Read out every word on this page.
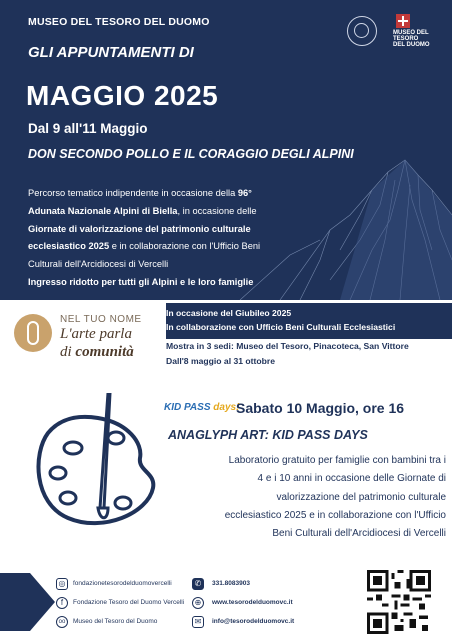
MUSEO DEL TESORO DEL DUOMO
MUSEO DEL
TESORO
DEL DUOMO
GLI APPUNTAMENTI DI
MAGGIO 2025
Dal 9 all'11 Maggio
DON SECONDO POLLO E IL CORAGGIO DEGLI ALPINI
Percorso tematico indipendente in occasione della 96°
Adunata Nazionale Alpini di Biella, in occasione delle
Giornate di valorizzazione del patrimonio culturale
ecclesiastico 2025 e in collaborazione con l'Ufficio Beni
Culturali dell'Arcidiocesi di Vercelli
Ingresso ridotto per tutti gli Alpini e le loro famiglie
NEL TUO NOME
L'arte parla
di comunità
In occasione del Giubileo 2025
In collaborazione con Ufficio Beni Culturali Ecclesiastici
Mostra in 3 sedi: Museo del Tesoro, Pinacoteca, San Vittore
Dall'8 maggio al 31 ottobre
KID PASS days!
Sabato 10 Maggio, ore 16
ANAGLYPH ART: KID PASS DAYS
Laboratorio gratuito per famiglie con bambini tra i
4 e i 10 anni in occasione delle Giornate di
valorizzazione del patrimonio culturale
ecclesiastico 2025 e in collaborazione con l'Ufficio
Beni Culturali dell'Arcidiocesi di Vercelli
◎	fondazionetesorodelduomovercelli
f	Fondazione Tesoro del Duomo Vercelli
oo	Museo del Tesoro del Duomo
✆	331.8083903
⊕	www.tesorodelduomovc.it
✉	info@tesorodelduomovc.it
